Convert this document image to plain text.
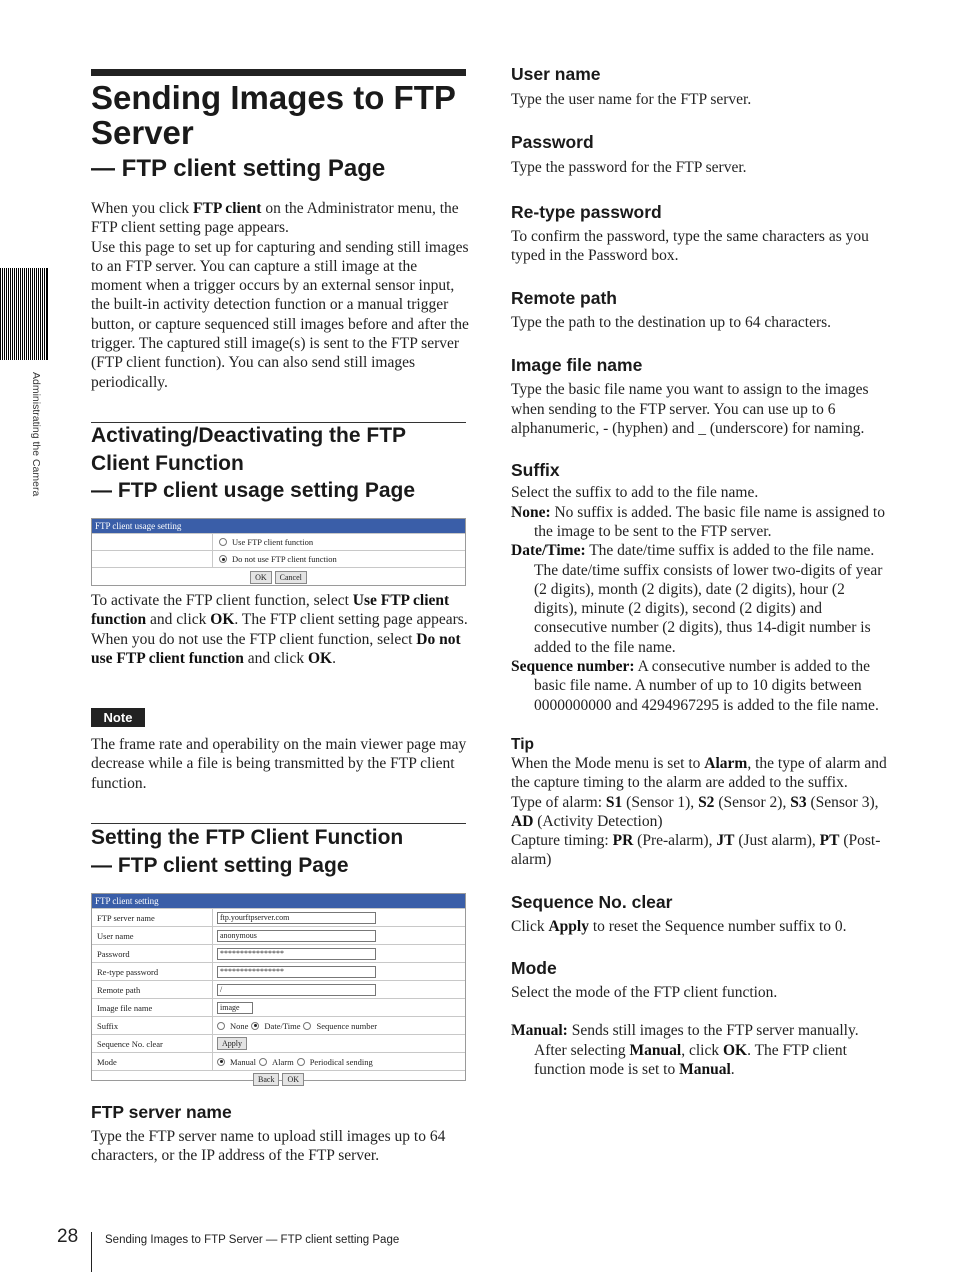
Administrating the Camera
Sending Images to FTP Server
— FTP client setting Page

When you click FTP client on the Administrator menu, the FTP client setting page appears.

Use this page to set up for capturing and sending still images to an FTP server. You can capture a still image at the moment when a trigger occurs by an external sensor input, the built-in activity detection function or a manual trigger button, or capture sequenced still images before and after the trigger. The captured still image(s) is sent to the FTP server (FTP client function). You can also send still images periodically.

Activating/Deactivating the FTP
Client Function
— FTP client usage setting Page
FTP client usage setting
Use FTP client function
Do not use FTP client function
OK	Cancel

To activate the FTP client function, select Use FTP client function and click OK. The FTP client setting page appears.

When you do not use the FTP client function, select Do not use FTP client function and click OK.

Note
The frame rate and operability on the main viewer page may decrease while a file is being transmitted by the FTP client function.
Setting the FTP Client Function
— FTP client setting Page
FTP client setting
FTP server name	ftp.yourftpserver.com
User name	anonymous
Password	****************
Re-type password	****************
Remote path	/
Image file name	image
Suffix	None Date/Time Sequence number
Sequence No. clear	Apply
Mode	Manual Alarm Periodical sending
Back	OK
FTP server name
Type the FTP server name to upload still images up to 64 characters, or the IP address of the FTP server.
User name
Type the user name for the FTP server.
Password
Type the password for the FTP server.
Re-type password
To confirm the password, type the same characters as you typed in the Password box.
Remote path
Type the path to the destination up to 64 characters.
Image file name
Type the basic file name you want to assign to the images when sending to the FTP server. You can use up to 6 alphanumeric, - (hyphen) and _ (underscore) for naming.
Suffix

Select the suffix to add to the file name.

None: No suffix is added. The basic file name is assigned to the image to be sent to the FTP server.

Date/Time: The date/time suffix is added to the file name.

The date/time suffix consists of lower two-digits of year (2 digits), month (2 digits), date (2 digits), hour (2 digits), minute (2 digits), second (2 digits) and consecutive number (2 digits), thus 14-digit number is added to the file name.

Sequence number: A consecutive number is added to the basic file name. A number of up to 10 digits between 0000000000 and 4294967295 is added to the file name.

Tip

When the Mode menu is set to Alarm, the type of alarm and the capture timing to the alarm are added to the suffix.

Type of alarm: S1 (Sensor 1), S2 (Sensor 2), S3 (Sensor 3), AD (Activity Detection)

Capture timing: PR (Pre-alarm), JT (Just alarm), PT (Post-alarm)

Sequence No. clear
Click Apply to reset the Sequence number suffix to 0.
Mode
Select the mode of the FTP client function.
Manual: Sends still images to the FTP server manually. After selecting Manual, click OK. The FTP client function mode is set to Manual.
28 Sending Images to FTP Server — FTP client setting Page
